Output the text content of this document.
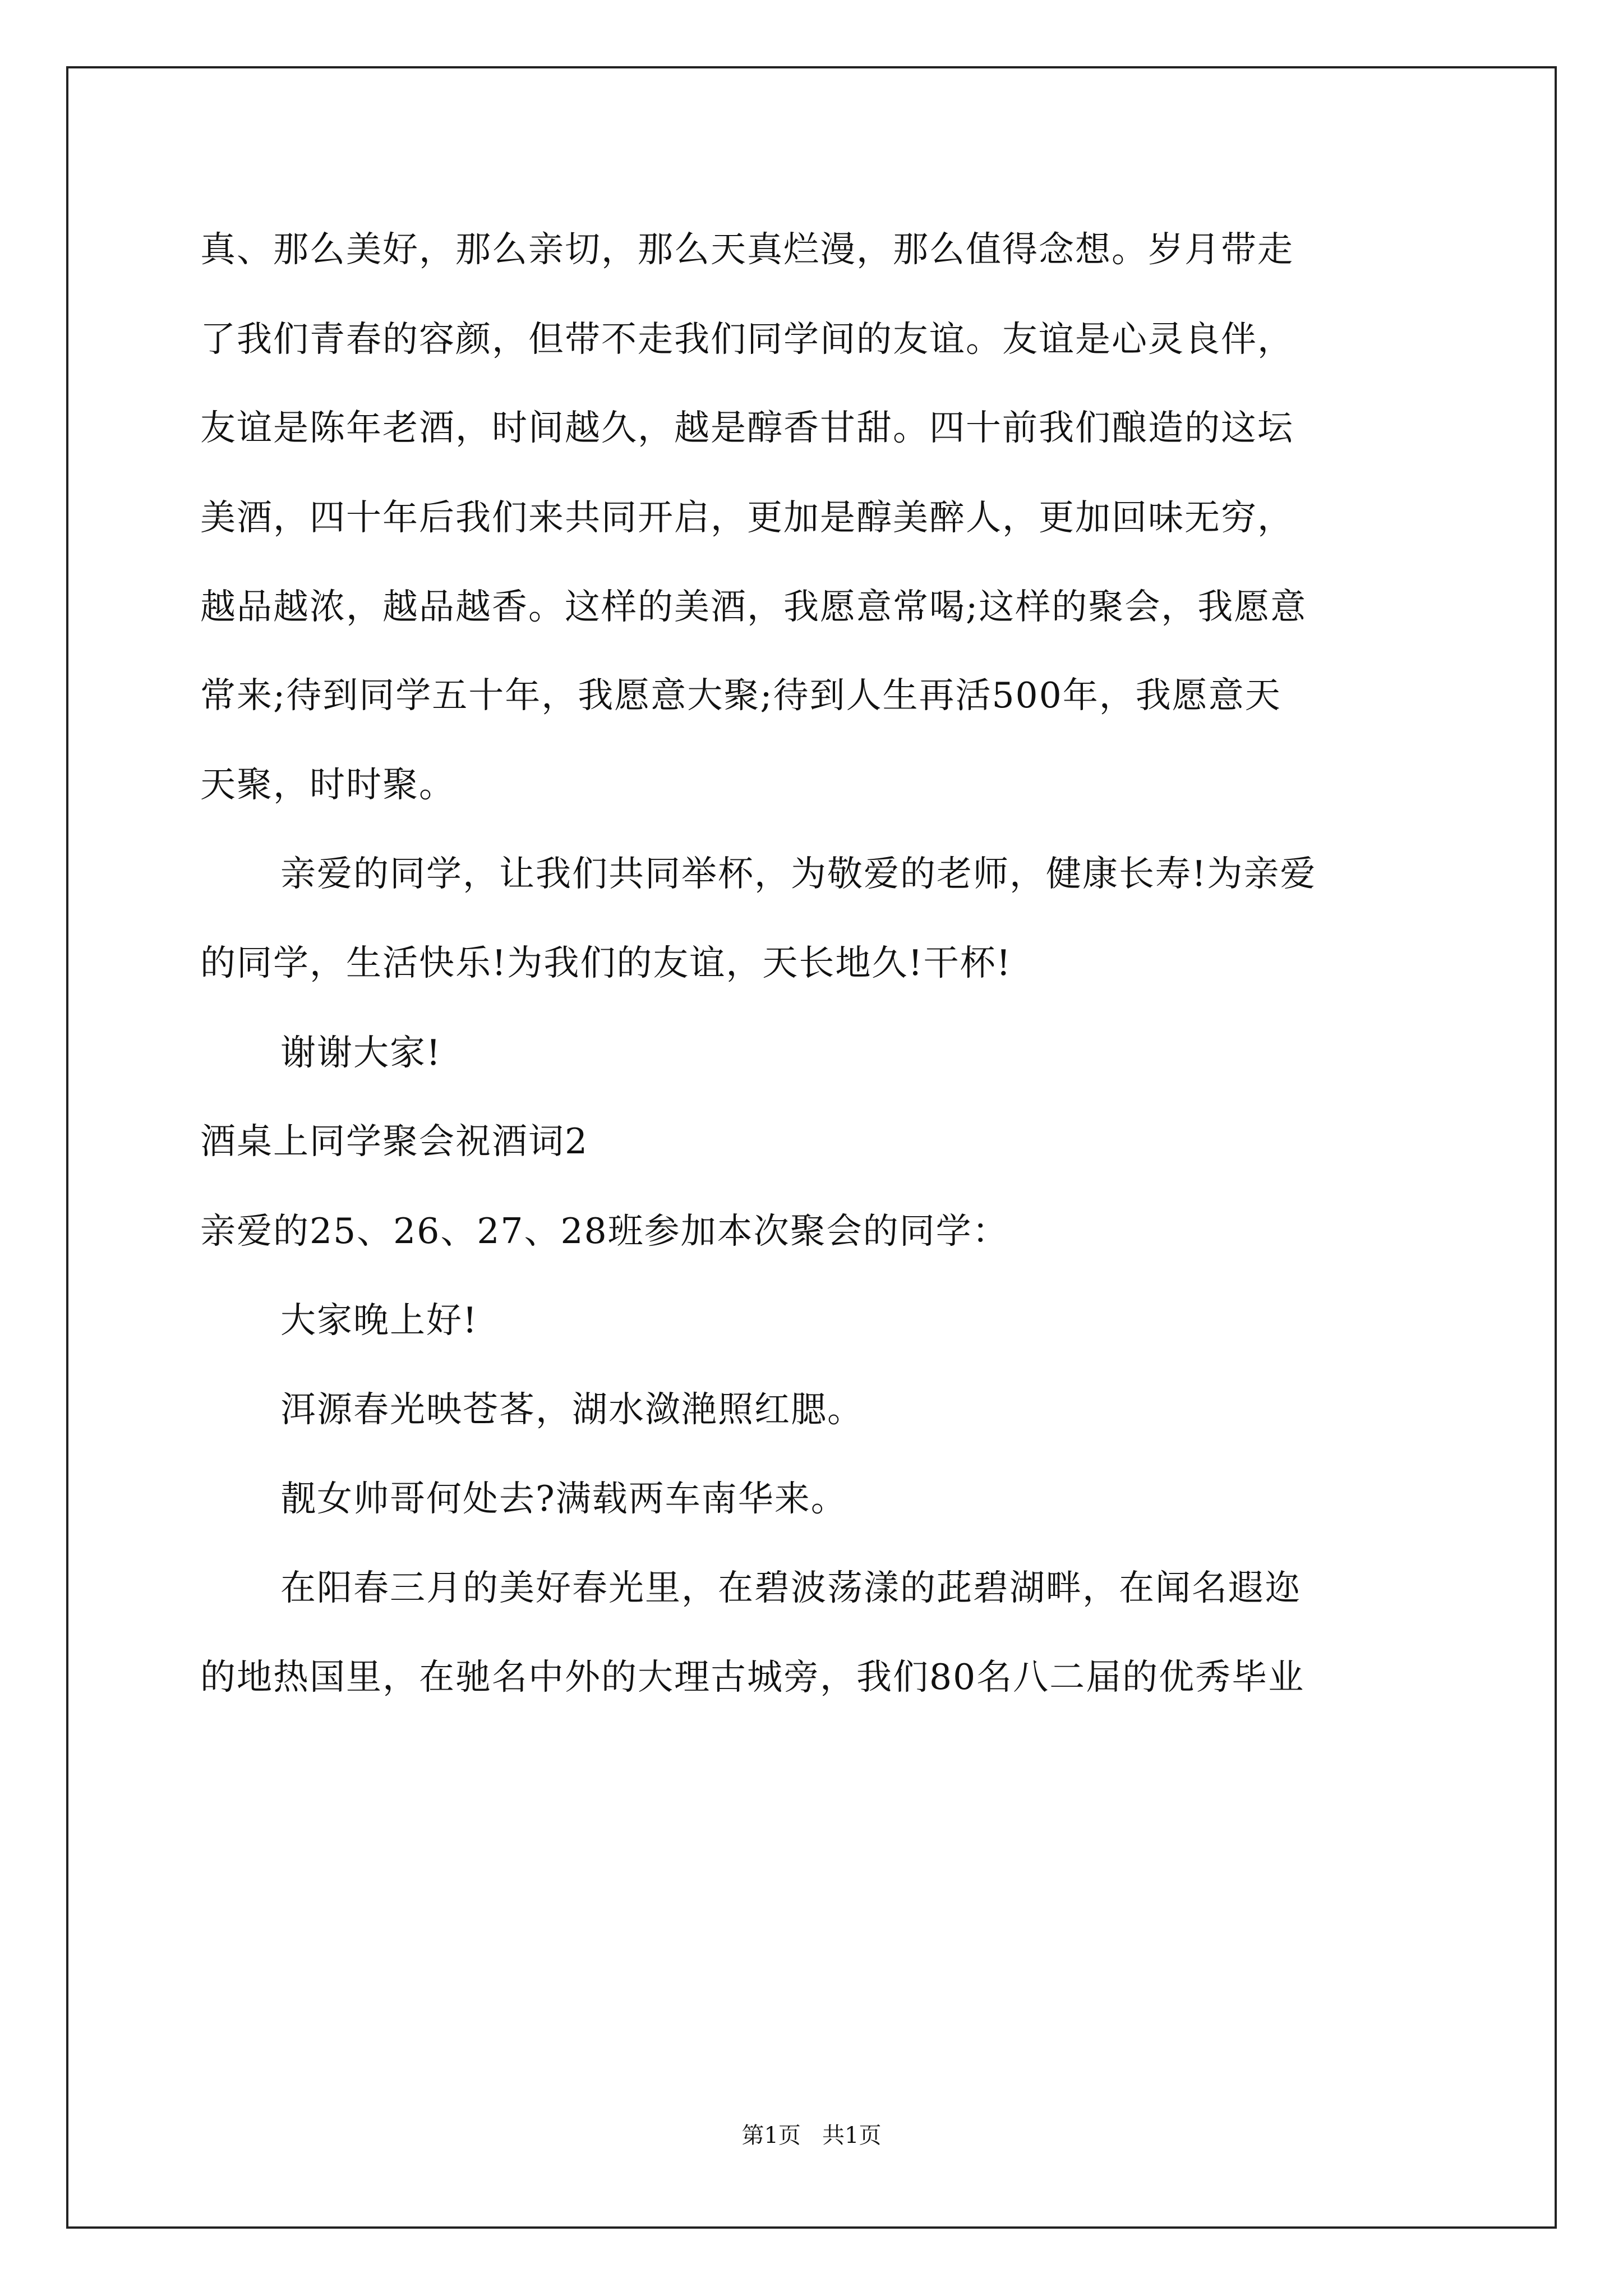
真、那么美好，那么亲切，那么天真烂漫，那么值得念想。岁月带走
了我们青春的容颜，但带不走我们同学间的友谊。友谊是心灵良伴，
友谊是陈年老酒，时间越久，越是醇香甘甜。四十前我们酿造的这坛
美酒，四十年后我们来共同开启，更加是醇美醉人，更加回味无穷，
越品越浓，越品越香。这样的美酒，我愿意常喝;这样的聚会，我愿意
常来;待到同学五十年，我愿意大聚;待到人生再活500年，我愿意天
天聚，时时聚。
亲爱的同学，让我们共同举杯，为敬爱的老师，健康长寿!为亲爱
的同学，生活快乐!为我们的友谊，天长地久!干杯!
谢谢大家!
酒桌上同学聚会祝酒词2
亲爱的25、26、27、28班参加本次聚会的同学：
大家晚上好!
洱源春光映苍茖，湖水潋滟照红腮。
靓女帅哥何处去?满载两车南华来。
在阳春三月的美好春光里，在碧波荡漾的茈碧湖畔，在闻名遐迩
的地热国里，在驰名中外的大理古城旁，我们80名八二届的优秀毕业
第1页   共1页
